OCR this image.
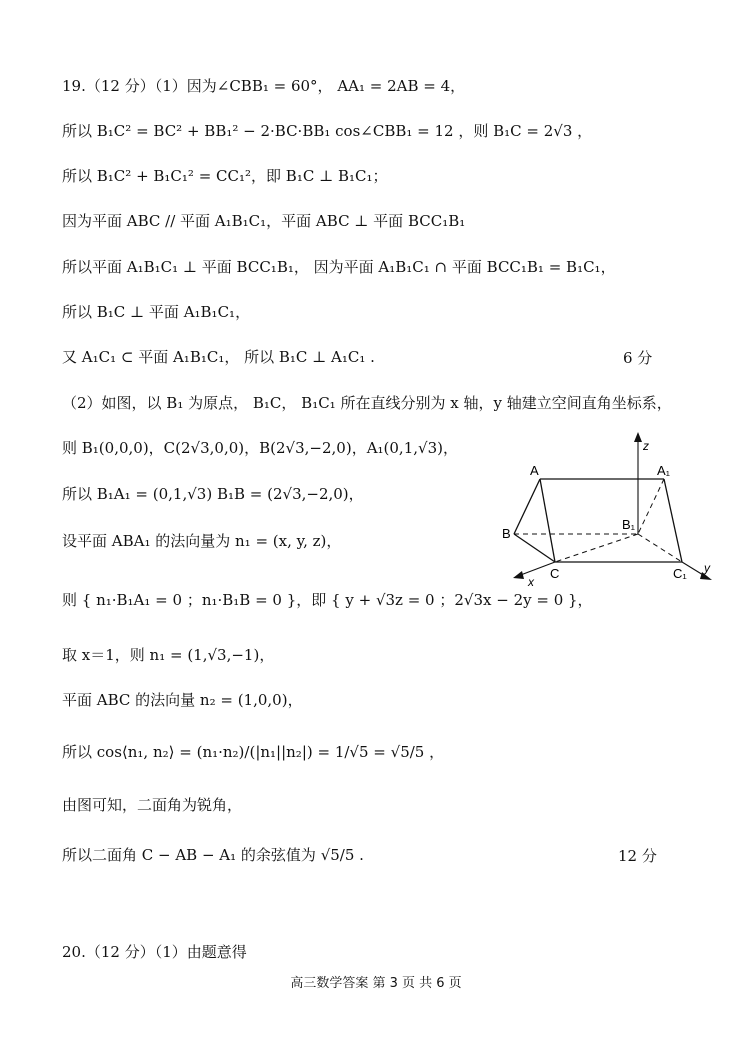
19.（12 分）（1）因为∠CBB₁ = 60°， AA₁ = 2AB = 4，
所以 B₁C² = BC² + BB₁² − 2·BC·BB₁ cos∠CBB₁ = 12 ，则 B₁C = 2√3 ，
所以 B₁C² + B₁C₁² = CC₁²，即 B₁C ⊥ B₁C₁；
因为平面 ABC // 平面 A₁B₁C₁，平面 ABC ⊥ 平面 BCC₁B₁
所以平面 A₁B₁C₁ ⊥ 平面 BCC₁B₁， 因为平面 A₁B₁C₁ ∩ 平面 BCC₁B₁ = B₁C₁，
所以 B₁C ⊥ 平面 A₁B₁C₁，
又 A₁C₁ ⊂ 平面 A₁B₁C₁， 所以 B₁C ⊥ A₁C₁ .	6 分
（2）如图，以 B₁ 为原点， B₁C， B₁C₁ 所在直线分别为 x 轴，y 轴建立空间直角坐标系，
则 B₁(0,0,0)，C(2√3,0,0)，B(2√3,−2,0)，A₁(0,1,√3)，
所以 B₁A₁ = (0,1,√3) B₁B = (2√3,−2,0)，
设平面 ABA₁ 的法向量为 n₁ = (x, y, z)，
则 { n₁·B₁A₁ = 0 ；n₁·B₁B = 0 }，即 { y + √3z = 0 ；2√3x − 2y = 0 }，
取 x＝1，则 n₁ = (1,√3,−1)，
平面 ABC 的法向量 n₂ = (1,0,0)，
所以 cos⟨n₁, n₂⟩ = (n₁·n₂)/(|n₁||n₂|) = 1/√5 = √5/5 ，
由图可知，二面角为锐角，
所以二面角 C − AB − A₁ 的余弦值为 √5/5 .	12 分
20.（12 分）（1）由题意得
高三数学答案 第 3 页 共 6 页
A	A₁
B
B₁
C	C₁
x
y
z
